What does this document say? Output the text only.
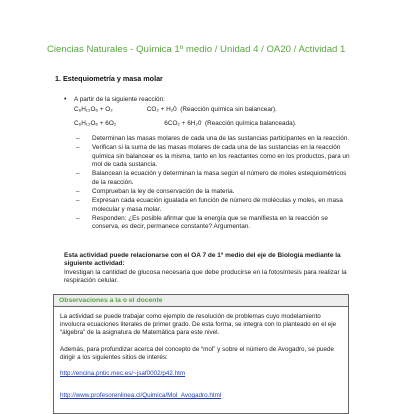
Ciencias Naturales - Química 1º medio / Unidad 4 / OA20 / Actividad 1
1. Estequiometría y masa molar
•	A partir de la siguiente reacción:
C₆H₁₂O₆ + O₂	CO₂ + H₂0 (Reacción química sin balancear).
C₆H₁₂O₆ + 6O₂	6CO₂ + 6H₂0 (Reacción química balanceada).
–	Determinan las masas molares de cada una de las sustancias participantes en la reacción.
–	Verifican si la suma de las masas molares de cada una de las sustancias en la reacción química sin balancear es la misma, tanto en los reactantes como en los productos, para un mol de cada sustancia.
–	Balancean la ecuación y determinan la masa según el número de moles estequiométricos de la reacción.
–	Comprueban la ley de conservación de la materia.
–	Expresan cada ecuación igualada en función de número de moléculas y moles, en masa molecular y masa molar.
–	Responden: ¿Es posible afirmar que la energía que se manifiesta en la reacción se conserva, es decir, permanece constante? Argumentan.
Esta actividad puede relacionarse con el OA 7 de 1º medio del eje de Biología mediante la siguiente actividad:
Investigan la cantidad de glucosa necesaria que debe producirse en la fotosíntesis para realizar la respiración celular.
Observaciones a la o el docente

La actividad se puede trabajar como ejemplo de resolución de problemas cuyo modelamiento involucra ecuaciones literales de primer grado. De esta forma, se integra con lo planteado en el eje “álgebra” de la asignatura de Matemática para este nivel.

Además, para profundizar acerca del concepto de “mol” y sobre el número de Avogadro, se puede dirigir a los siguientes sitios de interés:

http://encina.pntic.mec.es/~jsaf0002/p42.htm
http://www.profesorenlinea.cl/Quimica/Mol_Avogadro.html
